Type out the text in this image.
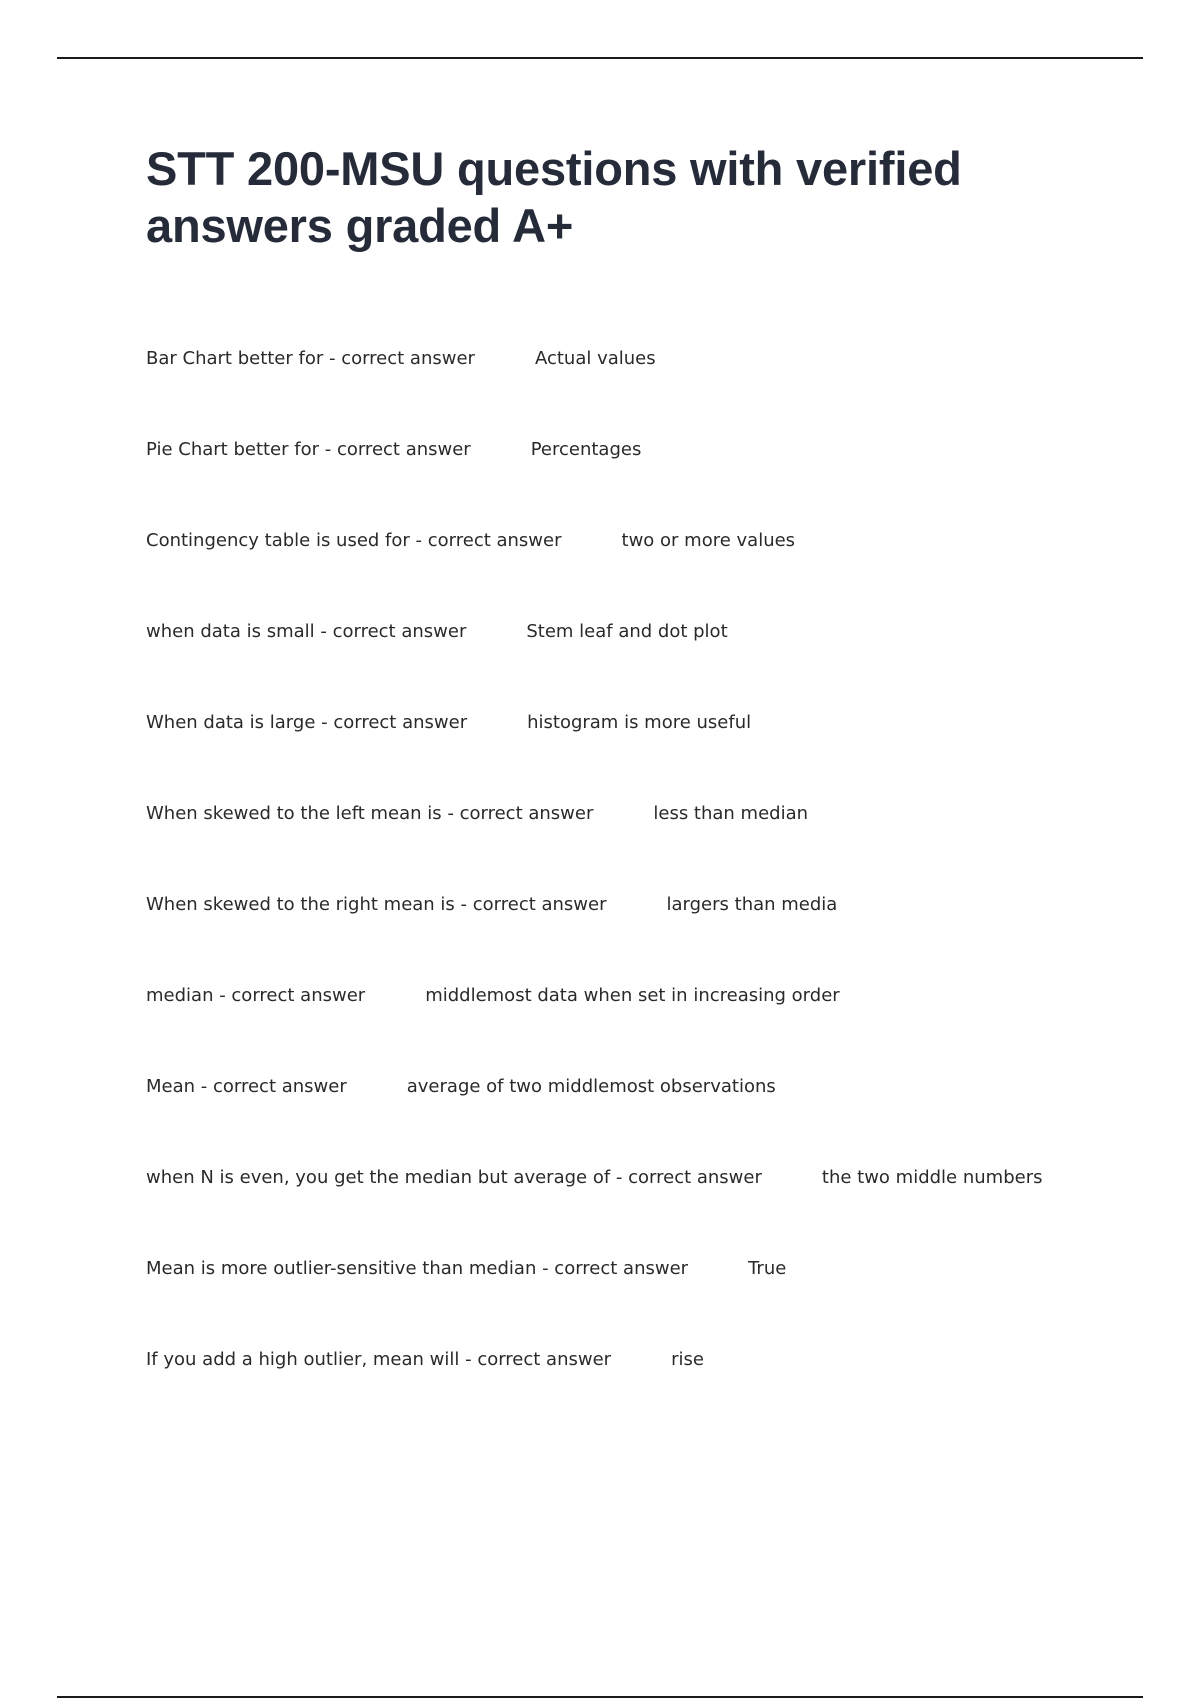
STT 200-MSU questions with verified answers graded A+
Bar Chart better for - correct answer	Actual values
Pie Chart better for - correct answer	Percentages
Contingency table is used for - correct answer	two or more values
when data is small - correct answer	Stem leaf and dot plot
When data is large - correct answer	histogram is more useful
When skewed to the left mean is - correct answer	less than median
When skewed to the right mean is - correct answer	largers than media
median - correct answer	middlemost data when set in increasing order
Mean - correct answer	average of two middlemost observations
when N is even, you get the median but average of - correct answer	the two middle numbers
Mean is more outlier-sensitive than median - correct answer	True
If you add a high outlier, mean will - correct answer	rise
